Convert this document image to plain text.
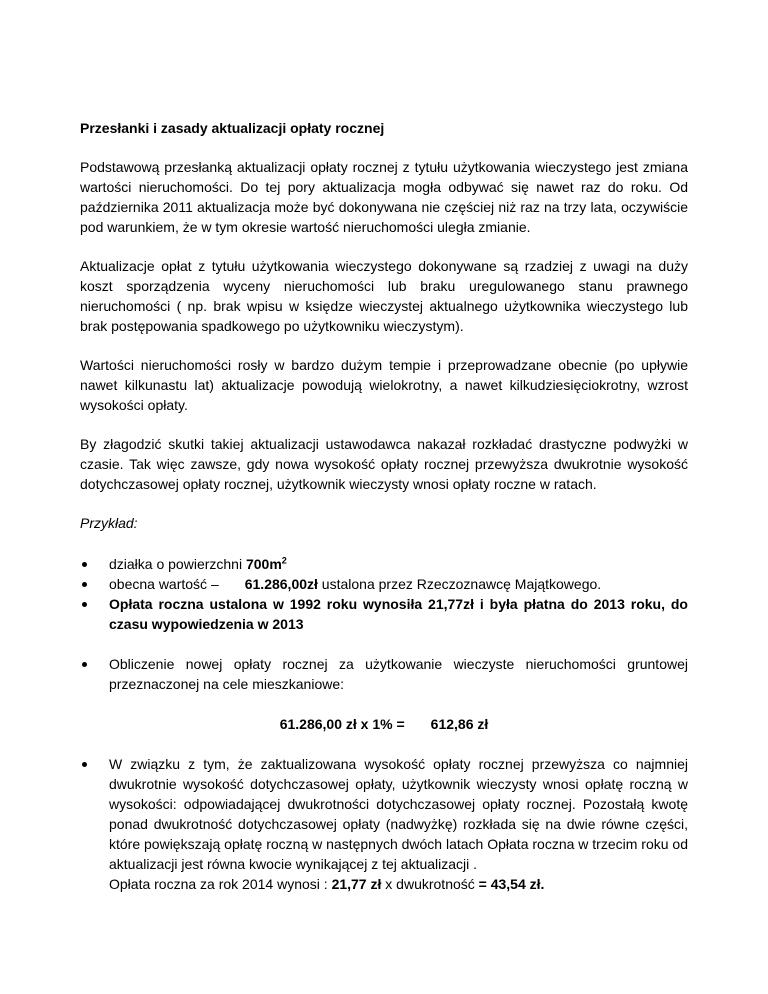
Przesłanki i zasady aktualizacji opłaty rocznej

Podstawową przesłanką aktualizacji opłaty rocznej z tytułu użytkowania wieczystego jest zmiana wartości nieruchomości. Do tej pory aktualizacja mogła odbywać się nawet raz do roku. Od października 2011 aktualizacja może być dokonywana nie częściej niż raz na trzy lata, oczywiście pod warunkiem, że w tym okresie wartość nieruchomości uległa zmianie.

Aktualizacje opłat z tytułu użytkowania wieczystego dokonywane są rzadziej z uwagi na duży koszt sporządzenia wyceny nieruchomości lub braku uregulowanego stanu prawnego nieruchomości ( np. brak wpisu w księdze wieczystej aktualnego użytkownika wieczystego lub brak postępowania spadkowego po użytkowniku wieczystym).

Wartości nieruchomości rosły w bardzo dużym tempie i przeprowadzane obecnie (po upływie nawet kilkunastu lat) aktualizacje powodują wielokrotny, a nawet kilkudziesięciokrotny, wzrost wysokości opłaty.

By złagodzić skutki takiej aktualizacji ustawodawca nakazał rozkładać drastyczne podwyżki w czasie. Tak więc zawsze, gdy nowa wysokość opłaty rocznej przewyższa dwukrotnie wysokość dotychczasowej opłaty rocznej, użytkownik wieczysty wnosi opłaty roczne w ratach.

Przykład:
działka o powierzchni $700m^2$
obecna wartość – 61.286,00zł ustalona przez Rzeczoznawcę Majątkowego.
Opłata roczna ustalona w 1992 roku wynosiła 21,77zł i była płatna do 2013 roku, do czasu wypowiedzenia w 2013
Obliczenie nowej opłaty rocznej za użytkowanie wieczyste nieruchomości gruntowej przeznaczonej na cele mieszkaniowe:
61.286,00 zł x 1% = 612,86 zł
W związku z tym, że zaktualizowana wysokość opłaty rocznej przewyższa co najmniej dwukrotnie wysokość dotychczasowej opłaty, użytkownik wieczysty wnosi opłatę roczną w wysokości: odpowiadającej dwukrotności dotychczasowej opłaty rocznej. Pozostałą kwotę ponad dwukrotność dotychczasowej opłaty (nadwyżkę) rozkłada się na dwie równe części, które powiększają opłatę roczną w następnych dwóch latach Opłata roczna w trzecim roku od aktualizacji jest równa kwocie wynikającej z tej aktualizacji .
Opłata roczna za rok 2014 wynosi : 21,77 zł x dwukrotność = 43,54 zł.
